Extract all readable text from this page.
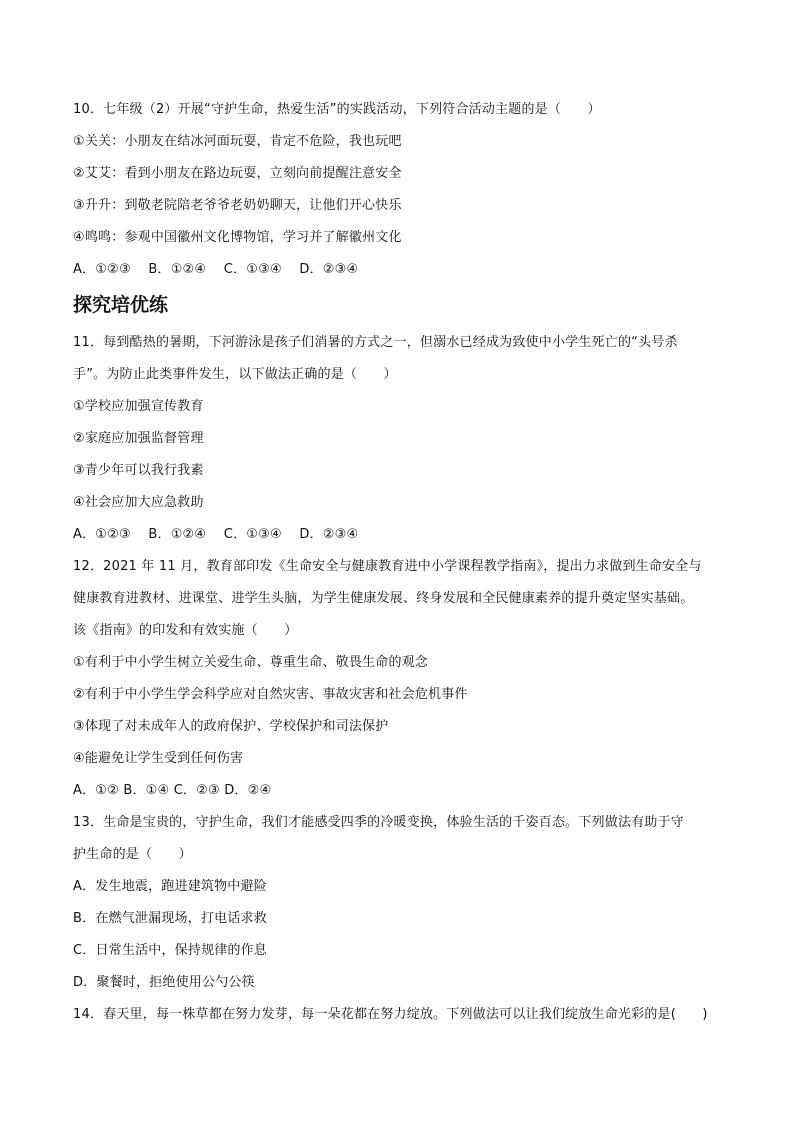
10．七年级（2）开展“守护生命，热爱生活”的实践活动，下列符合活动主题的是（　　）
①关关：小朋友在结冰河面玩耍，肯定不危险，我也玩吧
②艾艾：看到小朋友在路边玩耍，立刻向前提醒注意安全
③升升：到敬老院陪老爷爷老奶奶聊天，让他们开心快乐
④鸣鸣：参观中国徽州文化博物馆，学习并了解徽州文化
A．①②③　 B．①②④　 C．①③④　 D．②③④
探究培优练
11．每到酷热的暑期，下河游泳是孩子们消暑的方式之一，但溺水已经成为致使中小学生死亡的“头号杀
手”。为防止此类事件发生，以下做法正确的是（　　）
①学校应加强宣传教育
②家庭应加强监督管理
③青少年可以我行我素
④社会应加大应急救助
A．①②③　 B．①②④　 C．①③④　 D．②③④
12．2021 年 11 月，教育部印发《生命安全与健康教育进中小学课程教学指南》，提出力求做到生命安全与
健康教育进教材、进课堂、进学生头脑，为学生健康发展、终身发展和全民健康素养的提升奠定坚实基础。
该《指南》的印发和有效实施（　　）
①有利于中小学生树立关爱生命、尊重生命、敬畏生命的观念
②有利于中小学生学会科学应对自然灾害、事故灾害和社会危机事件
③体现了对未成年人的政府保护、学校保护和司法保护
④能避免让学生受到任何伤害
A．①② B．①④ C．②③ D．②④
13．生命是宝贵的，守护生命，我们才能感受四季的冷暖变换，体验生活的千姿百态。下列做法有助于守
护生命的是（　　）
A．发生地震，跑进建筑物中避险
B．在燃气泄漏现场，打电话求救
C．日常生活中，保持规律的作息
D．聚餐时，拒绝使用公勺公筷
14．春天里，每一株草都在努力发芽，每一朵花都在努力绽放。下列做法可以让我们绽放生命光彩的是(　　)
